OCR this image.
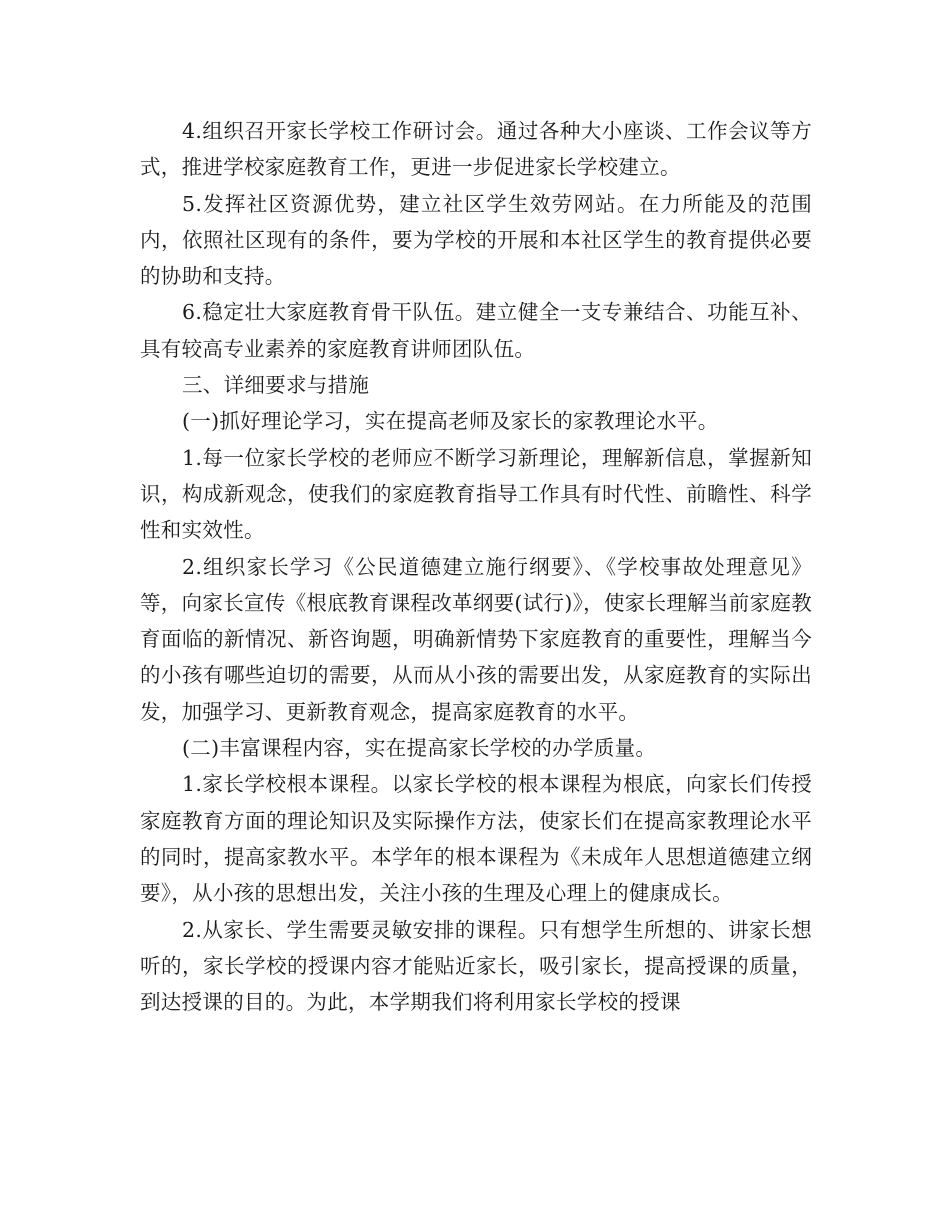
4.组织召开家长学校工作研讨会。通过各种大小座谈、工作会议等方式，推进学校家庭教育工作，更进一步促进家长学校建立。

5.发挥社区资源优势，建立社区学生效劳网站。在力所能及的范围内，依照社区现有的条件，要为学校的开展和本社区学生的教育提供必要的协助和支持。

6.稳定壮大家庭教育骨干队伍。建立健全一支专兼结合、功能互补、具有较高专业素养的家庭教育讲师团队伍。

三、详细要求与措施

(一)抓好理论学习，实在提高老师及家长的家教理论水平。

1.每一位家长学校的老师应不断学习新理论，理解新信息，掌握新知识，构成新观念，使我们的家庭教育指导工作具有时代性、前瞻性、科学性和实效性。

2.组织家长学习《公民道德建立施行纲要》、《学校事故处理意见》等，向家长宣传《根底教育课程改革纲要(试行)》，使家长理解当前家庭教育面临的新情况、新咨询题，明确新情势下家庭教育的重要性，理解当今的小孩有哪些迫切的需要，从而从小孩的需要出发，从家庭教育的实际出发，加强学习、更新教育观念，提高家庭教育的水平。

(二)丰富课程内容，实在提高家长学校的办学质量。

1.家长学校根本课程。以家长学校的根本课程为根底，向家长们传授家庭教育方面的理论知识及实际操作方法，使家长们在提高家教理论水平的同时，提高家教水平。本学年的根本课程为《未成年人思想道德建立纲要》，从小孩的思想出发，关注小孩的生理及心理上的健康成长。

2.从家长、学生需要灵敏安排的课程。只有想学生所想的、讲家长想听的，家长学校的授课内容才能贴近家长，吸引家长，提高授课的质量，到达授课的目的。为此，本学期我们将利用家长学校的授课
